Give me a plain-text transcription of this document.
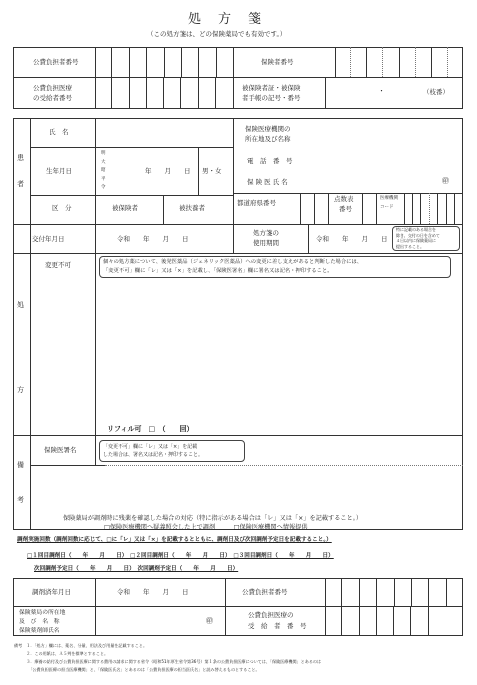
処　方　箋
（この処方箋は、どの保険薬局でも有効です。）
公費負担者番号
公費負担医療
の受給者番号
保険者番号
被保険者証・被保険
者手帳の記号・番号
・	（枝番）
患
者
氏　名
生年月日
明
大
昭
平
令
年　　月　　日 男・女
区　分	被保険者	被扶養者
保険医療機関の
所在地及び名称
電　話　番　号
保 険 医 氏 名	㊞
都道府県番号	点数表
番号
医療機関
コード
交付年月日	令和　　年　　月　　日
処方箋の
使用期間	令和　　年　　月　　日
特に記載のある場合を
除き、交付の日を含めて
４日以内に保険薬局に
提出すること。
処
方
変更不可	個々の処方薬について、後発医薬品（ジェネリック医薬品）への変更に差し支えがあると判断した場合には、
「変更不可」欄に「レ」又は「×」を記載し、「保険医署名」欄に署名又は記名・押印すること。
リフィル可　□　（　　回）
備
考
保険医署名	「変更不可」欄に「レ」又は「×」を記載
した場合は、署名又は記名・押印すること。
保険薬局が調剤時に残薬を確認した場合の対応（特に指示がある場合は「レ」又は「×」を記載すること。）
□保険医療機関へ疑義照会した上で調剤　　　□保険医療機関へ情報提供
調剤実施回数（調剤回数に応じて、□に「レ」又は「×」を記載するとともに、調剤日及び次回調剤予定日を記載すること。）
□１回目調剤日（　　年　　月　　日）　□２回目調剤日（　　年　　月　　日）　□３回目調剤日（　　年　　月　　日）
次回調剤予定日（　　年　　月　　日）　次回調剤予定日（　　年　　月　　日）
調剤済年月日	令和　　年　　月　　日	公費負担者番号
保険薬局の所在地
及　び　名　称
保険薬剤師氏名
㊞
公費負担医療の
受　給　者　番　号
備考　１．「処方」欄には、薬名、分量、用法及び用量を記載すること。
　　　２．この用紙は、Ａ５判を標準とすること。
　　　３．療養の給付及び公費負担医療に関する費用の請求に関する省令（昭和51年厚生省令第36号）第１条の公費負担医療については、「保険医療機関」とあるのは
　　　　「公費負担医療の担当医療機関」と、「保険医氏名」とあるのは「公費負担医療の担当医氏名」と読み替えるものとすること。
